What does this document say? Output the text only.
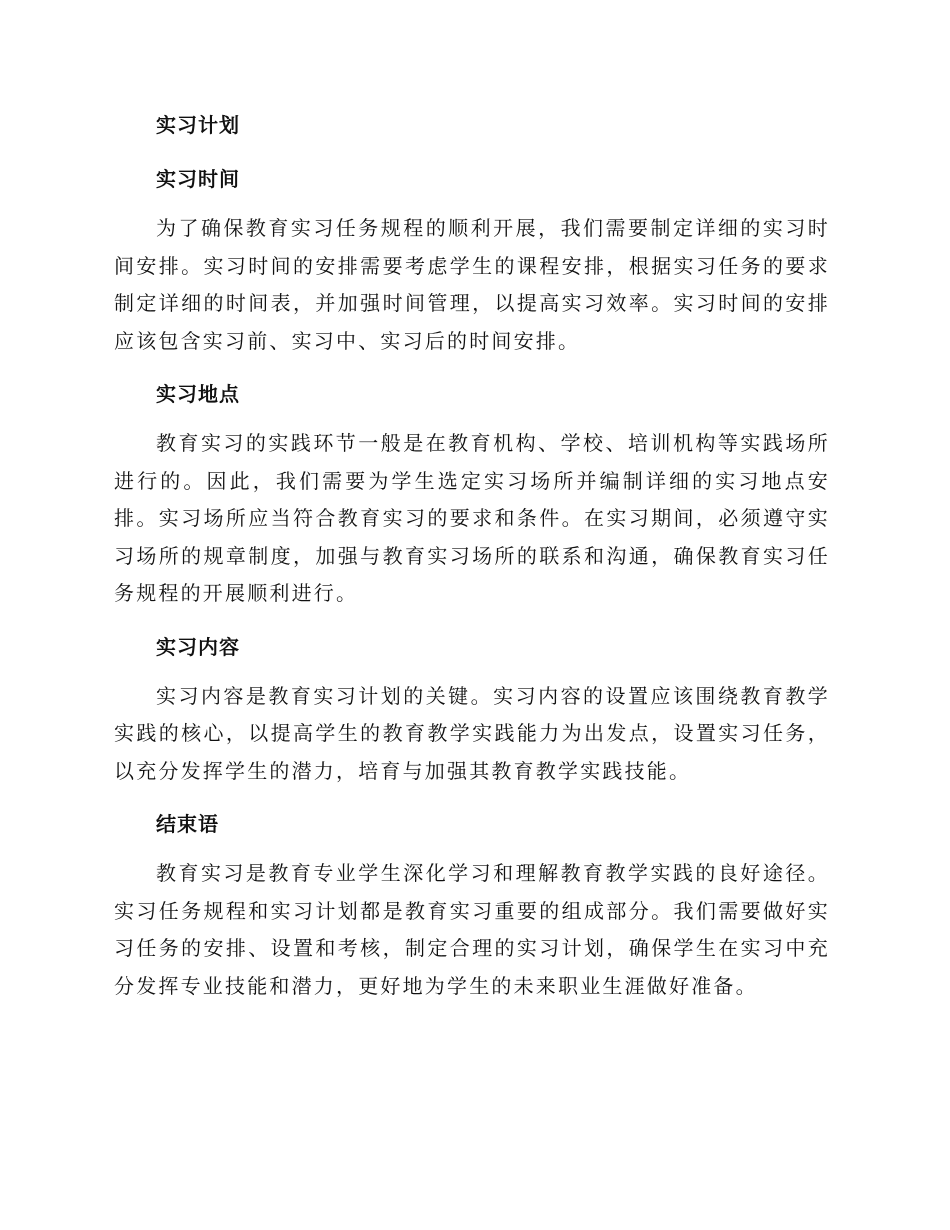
实习计划
实习时间

为了确保教育实习任务规程的顺利开展，我们需要制定详细的实习时间安排。实习时间的安排需要考虑学生的课程安排，根据实习任务的要求制定详细的时间表，并加强时间管理，以提高实习效率。实习时间的安排应该包含实习前、实习中、实习后的时间安排。

实习地点

教育实习的实践环节一般是在教育机构、学校、培训机构等实践场所进行的。因此，我们需要为学生选定实习场所并编制详细的实习地点安排。实习场所应当符合教育实习的要求和条件。在实习期间，必须遵守实习场所的规章制度，加强与教育实习场所的联系和沟通，确保教育实习任务规程的开展顺利进行。

实习内容

实习内容是教育实习计划的关键。实习内容的设置应该围绕教育教学实践的核心，以提高学生的教育教学实践能力为出发点，设置实习任务，以充分发挥学生的潜力，培育与加强其教育教学实践技能。

结束语

教育实习是教育专业学生深化学习和理解教育教学实践的良好途径。实习任务规程和实习计划都是教育实习重要的组成部分。我们需要做好实习任务的安排、设置和考核，制定合理的实习计划，确保学生在实习中充分发挥专业技能和潜力，更好地为学生的未来职业生涯做好准备。
